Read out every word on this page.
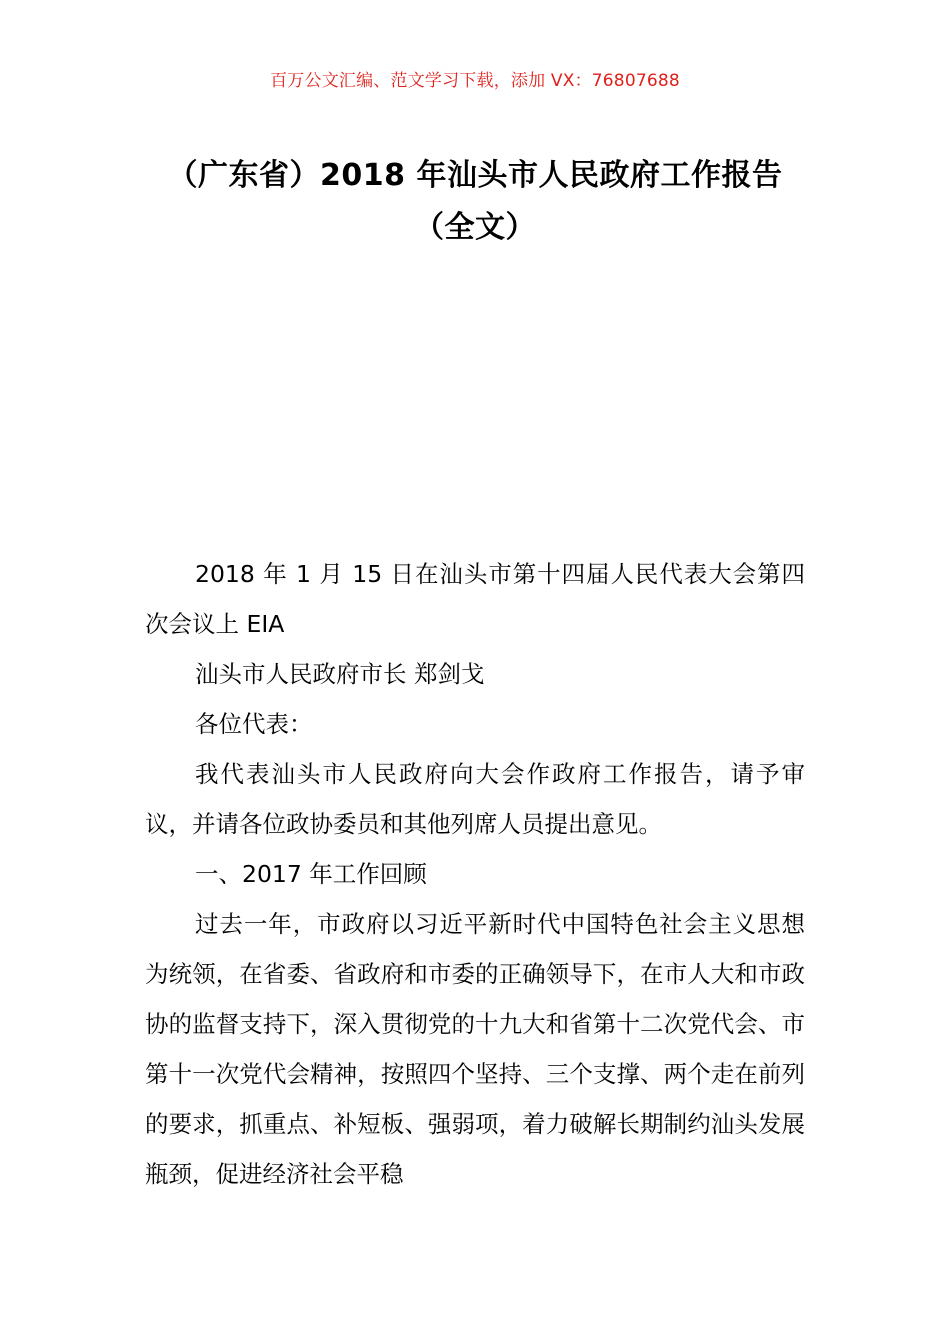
百万公文汇编、范文学习下载，添加 VX：76807688
（广东省）2018 年汕头市人民政府工作报告（全文）

2018 年 1 月 15 日在汕头市第十四届人民代表大会第四次会议上 EIA

汕头市人民政府市长 郑剑戈

各位代表：

我代表汕头市人民政府向大会作政府工作报告，请予审议，并请各位政协委员和其他列席人员提出意见。

一、2017 年工作回顾

过去一年，市政府以习近平新时代中国特色社会主义思想为统领，在省委、省政府和市委的正确领导下，在市人大和市政协的监督支持下，深入贯彻党的十九大和省第十二次党代会、市第十一次党代会精神，按照四个坚持、三个支撑、两个走在前列的要求，抓重点、补短板、强弱项，着力破解长期制约汕头发展瓶颈，促进经济社会平稳
